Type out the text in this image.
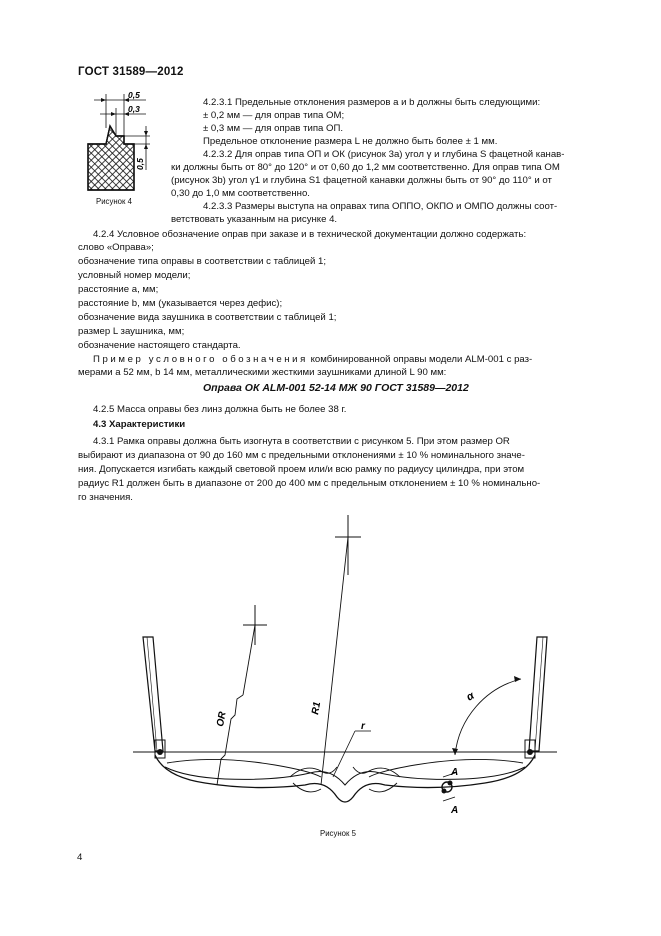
ГОСТ 31589—2012
0,5
0,3
0,5
Рисунок 4
4.2.3.1 Предельные отклонения размеров a и b должны быть следующими:
± 0,2 мм — для оправ типа ОМ;
± 0,3 мм — для оправ типа ОП.
Предельное отклонение размера L не должно быть более ± 1 мм.
4.2.3.2 Для оправ типа ОП и ОК (рисунок 3а) угол γ и глубина S фацетной канав-
ки должны быть от 80° до 120° и от 0,60 до 1,2 мм соответственно. Для оправ типа ОМ
(рисунок 3b) угол γ1 и глубина S1 фацетной канавки должны быть от 90° до 110° и от
0,30 до 1,0 мм соответственно.
4.2.3.3 Размеры выступа на оправах типа ОППО, ОКПО и ОМПО должны соот-
ветствовать указанным на рисунке 4.
4.2.4 Условное обозначение оправ при заказе и в технической документации должно содержать:
слово «Оправа»;
обозначение типа оправы в соответствии с таблицей 1;
условный номер модели;
расстояние a, мм;
расстояние b, мм (указывается через дефис);
обозначение вида заушника в соответствии с таблицей 1;
размер L заушника, мм;
обозначение настоящего стандарта.
Пример условного обозначения комбинированной оправы модели ALM-001 с раз-
мерами a 52 мм, b 14 мм, металлическими жесткими заушниками длиной L 90 мм:
Оправа ОК ALM-001 52-14 МЖ 90 ГОСТ 31589—2012
4.2.5 Масса оправы без линз должна быть не более 38 г.
4.3 Характеристики
4.3.1 Рамка оправы должна быть изогнута в соответствии с рисунком 5. При этом размер OR
выбирают из диапазона от 90 до 160 мм с предельными отклонениями ± 10 % номинального значе-
ния. Допускается изгибать каждый световой проем или/и всю рамку по радиусу цилиндра, при этом
радиус R1 должен быть в диапазоне от 200 до 400 мм с предельным отклонением ± 10 % номинально-
го значения.
OR
R1
r
α
A
A
Рисунок 5
4
